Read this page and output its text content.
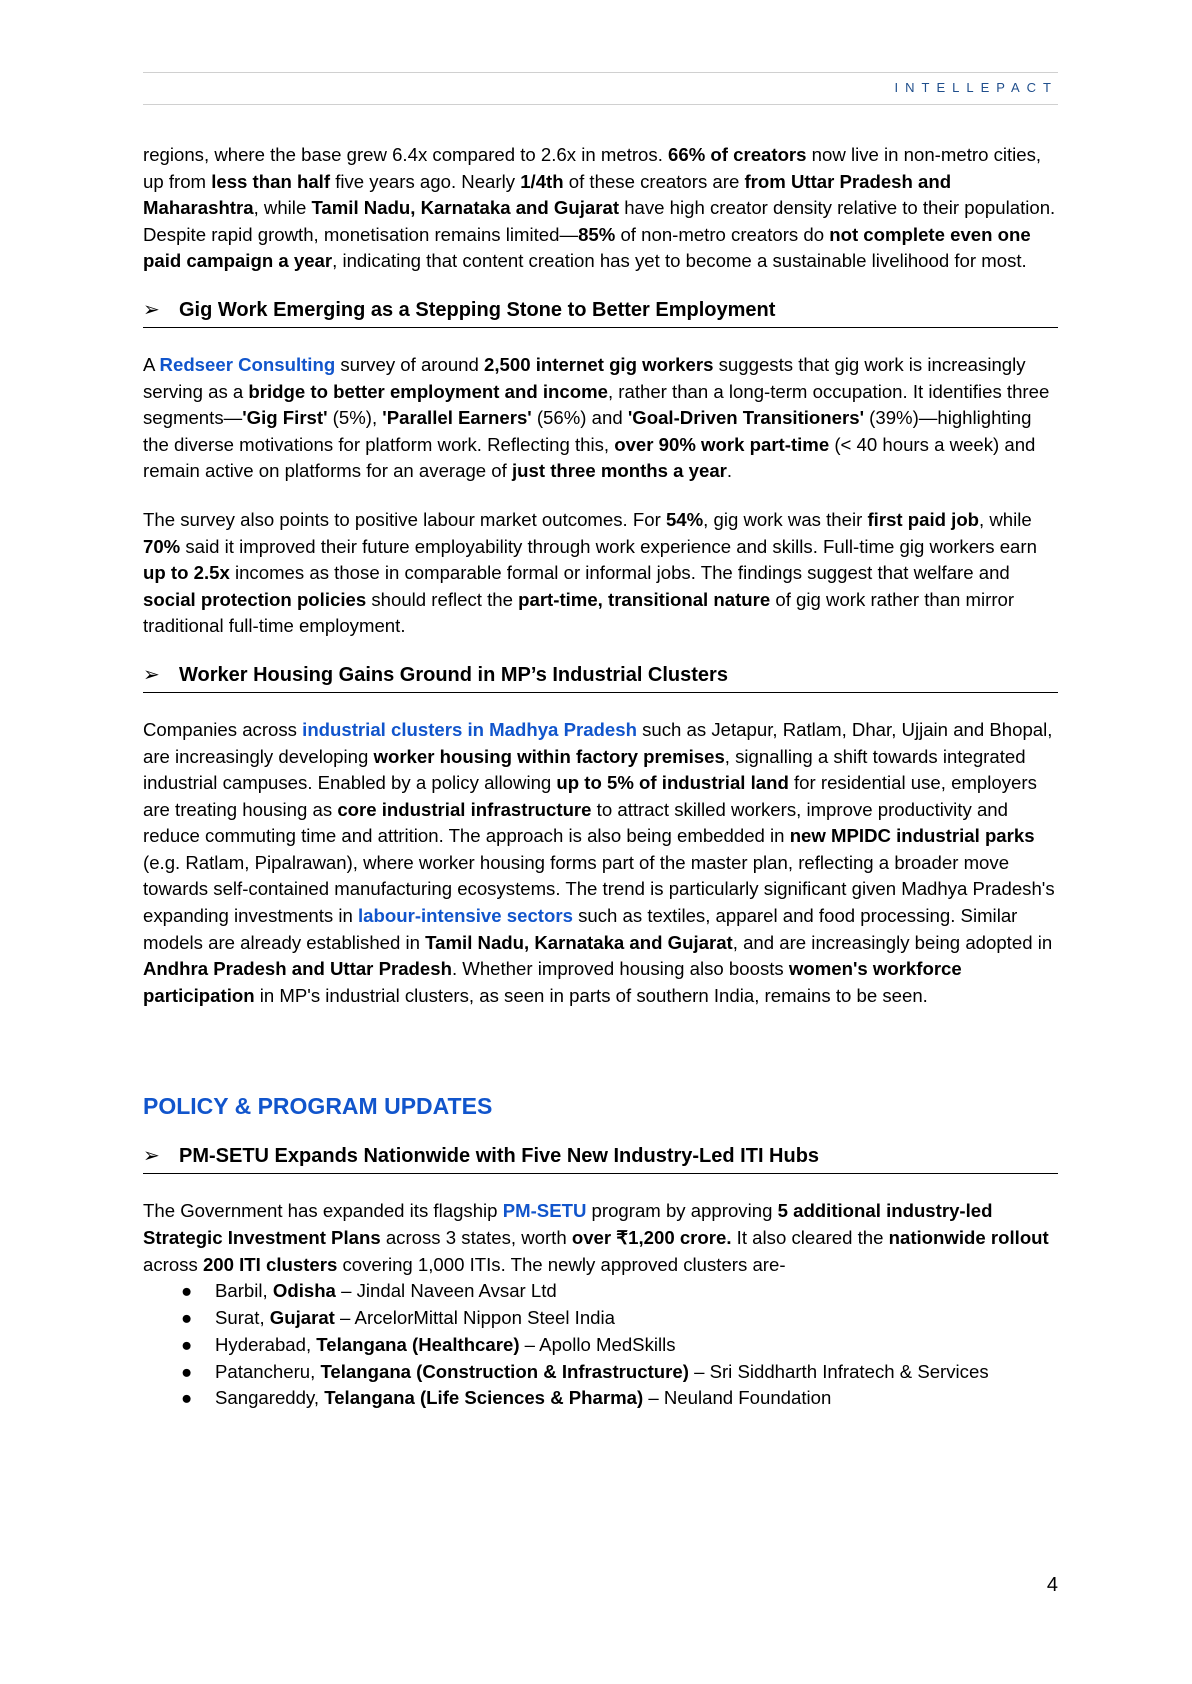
INTELLEPACT

regions, where the base grew 6.4x compared to 2.6x in metros. 66% of creators now live in non-metro cities, up from less than half five years ago. Nearly 1/4th of these creators are from Uttar Pradesh and Maharashtra, while Tamil Nadu, Karnataka and Gujarat have high creator density relative to their population. Despite rapid growth, monetisation remains limited—85% of non-metro creators do not complete even one paid campaign a year, indicating that content creation has yet to become a sustainable livelihood for most.

➢ Gig Work Emerging as a Stepping Stone to Better Employment

A Redseer Consulting survey of around 2,500 internet gig workers suggests that gig work is increasingly serving as a bridge to better employment and income, rather than a long-term occupation. It identifies three segments—'Gig First' (5%), 'Parallel Earners' (56%) and 'Goal-Driven Transitioners' (39%)—highlighting the diverse motivations for platform work. Reflecting this, over 90% work part-time (< 40 hours a week) and remain active on platforms for an average of just three months a year.

The survey also points to positive labour market outcomes. For 54%, gig work was their first paid job, while 70% said it improved their future employability through work experience and skills. Full-time gig workers earn up to 2.5x incomes as those in comparable formal or informal jobs. The findings suggest that welfare and social protection policies should reflect the part-time, transitional nature of gig work rather than mirror traditional full-time employment.

➢ Worker Housing Gains Ground in MP’s Industrial Clusters

Companies across industrial clusters in Madhya Pradesh such as Jetapur, Ratlam, Dhar, Ujjain and Bhopal, are increasingly developing worker housing within factory premises, signalling a shift towards integrated industrial campuses. Enabled by a policy allowing up to 5% of industrial land for residential use, employers are treating housing as core industrial infrastructure to attract skilled workers, improve productivity and reduce commuting time and attrition. The approach is also being embedded in new MPIDC industrial parks (e.g. Ratlam, Pipalrawan), where worker housing forms part of the master plan, reflecting a broader move towards self-contained manufacturing ecosystems. The trend is particularly significant given Madhya Pradesh's expanding investments in labour-intensive sectors such as textiles, apparel and food processing. Similar models are already established in Tamil Nadu, Karnataka and Gujarat, and are increasingly being adopted in Andhra Pradesh and Uttar Pradesh. Whether improved housing also boosts women's workforce participation in MP's industrial clusters, as seen in parts of southern India, remains to be seen.

POLICY & PROGRAM UPDATES
➢ PM-SETU Expands Nationwide with Five New Industry-Led ITI Hubs

The Government has expanded its flagship PM-SETU program by approving 5 additional industry-led Strategic Investment Plans across 3 states, worth over ₹1,200 crore. It also cleared the nationwide rollout across 200 ITI clusters covering 1,000 ITIs. The newly approved clusters are-

● Barbil, Odisha – Jindal Naveen Avsar Ltd
● Surat, Gujarat – ArcelorMittal Nippon Steel India
● Hyderabad, Telangana (Healthcare) – Apollo MedSkills
● Patancheru, Telangana (Construction & Infrastructure) – Sri Siddharth Infratech & Services
● Sangareddy, Telangana (Life Sciences & Pharma) – Neuland Foundation
4
